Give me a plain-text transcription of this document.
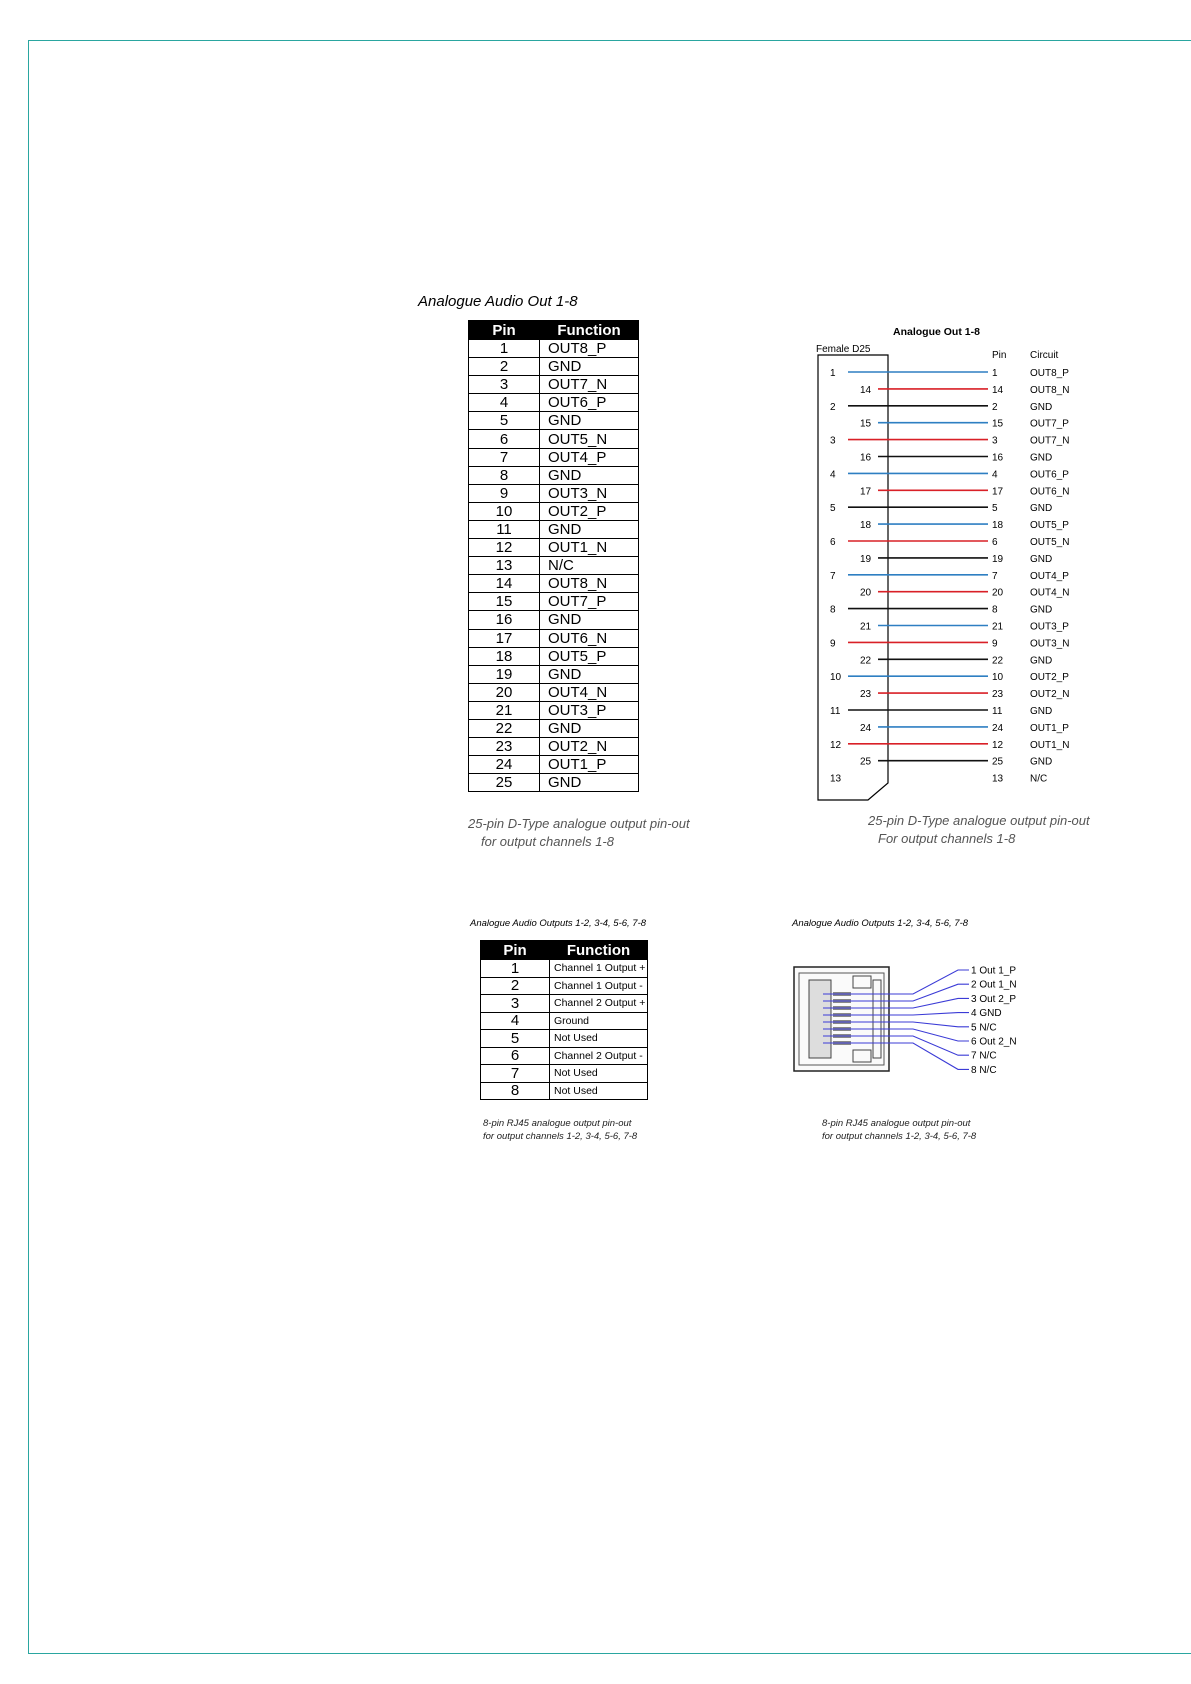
Analogue Audio Out 1-8
Pin	Function
1	OUT8_P
2	GND
3	OUT7_N
4	OUT6_P
5	GND
6	OUT5_N
7	OUT4_P
8	GND
9	OUT3_N
10	OUT2_P
11	GND
12	OUT1_N
13	N/C
14	OUT8_N
15	OUT7_P
16	GND
17	OUT6_N
18	OUT5_P
19	GND
20	OUT4_N
21	OUT3_P
22	GND
23	OUT2_N
24	OUT1_P
25	GND
25-pin D-Type analogue output pin-out
for output channels 1-8
Analogue Out 1-8
Female D25
Pin Circuit
1	1	OUT8_P
14	14	OUT8_N
2	2	GND
15	15	OUT7_P
3	3	OUT7_N
16	16	GND
4	4	OUT6_P
17	17	OUT6_N
5	5	GND
18	18	OUT5_P
6	6	OUT5_N
19	19	GND
7	7	OUT4_P
20	20	OUT4_N
8	8	GND
21	21	OUT3_P
9	9	OUT3_N
22	22	GND
10	10	OUT2_P
23	23	OUT2_N
11	11	GND
24	24	OUT1_P
12	12	OUT1_N
25	25	GND
13	13	N/C
25-pin D-Type analogue output pin-out
For output channels 1-8
Analogue Audio Outputs 1-2, 3-4, 5-6, 7-8
Pin	Function
1	Channel 1 Output +
2	Channel 1 Output -
3	Channel 2 Output +
4	Ground
5	Not Used
6	Channel 2 Output -
7	Not Used
8	Not Used
8-pin RJ45 analogue output pin-out
for output channels 1-2, 3-4, 5-6, 7-8
Analogue Audio Outputs 1-2, 3-4, 5-6, 7-8
1 Out 1_P
2 Out 1_N
3 Out 2_P
4 GND
5 N/C
6 Out 2_N
7 N/C
8 N/C
8-pin RJ45 analogue output pin-out
for output channels 1-2, 3-4, 5-6, 7-8
